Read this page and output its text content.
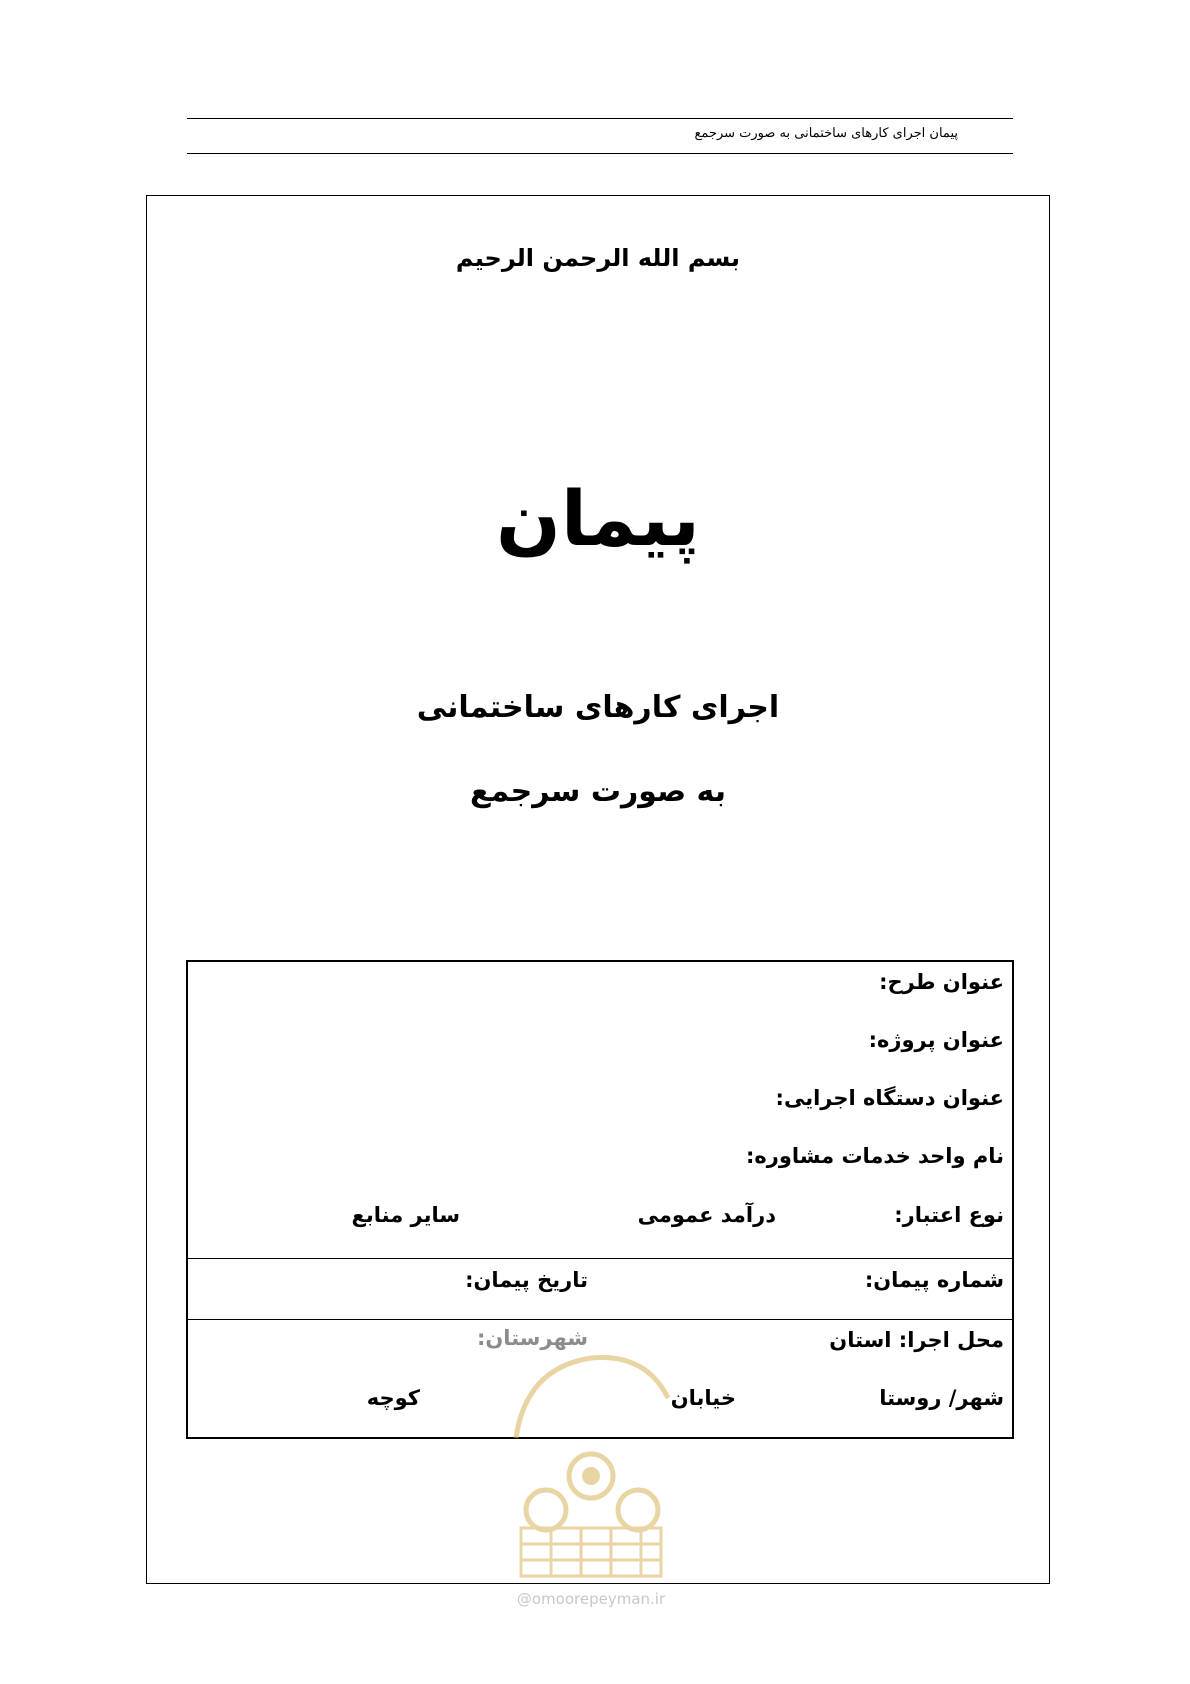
پیمان اجرای کارهای ساختمانی به صورت سرجمع
بسم الله الرحمن الرحیم
پیمان
اجرای کارهای ساختمانی
به صورت سرجمع
عنوان طرح:
عنوان پروژه:
عنوان دستگاه اجرایی:
نام واحد خدمات مشاوره:
نوع اعتبار:
درآمد عمومی
سایر منابع
شماره پیمان:
تاریخ پیمان:
محل اجرا: استان
شهرستان:
شهر/ روستا
خیابان
کوچه
@omoorepeyman.ir
